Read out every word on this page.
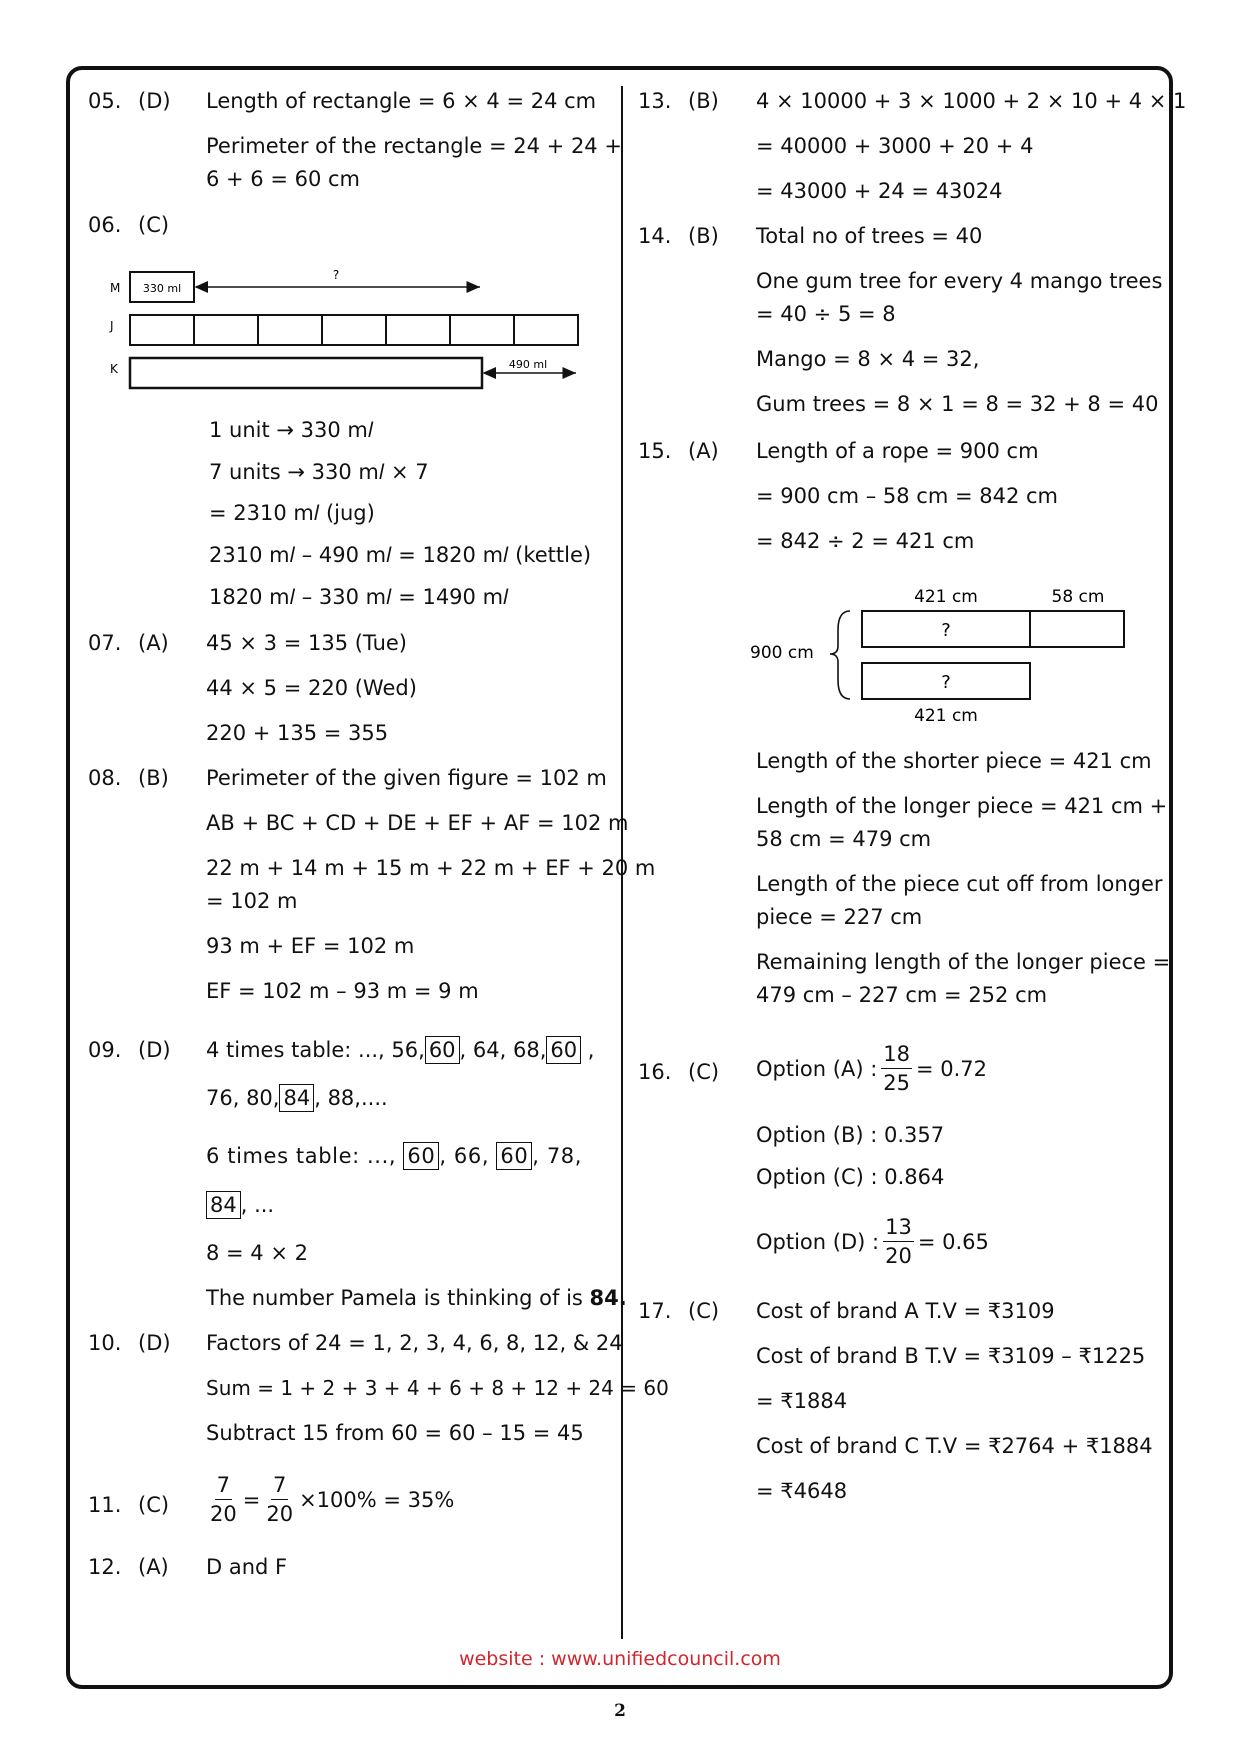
05. (D) Length of rectangle = 6 × 4 = 24 cm
Perimeter of the rectangle = 24 + 24 +
6 + 6 = 60 cm
06. (C)
M 330 ml
?
J
K	490 ml
1 unit → 330 m𝑙
7 units → 330 m𝑙 × 7
= 2310 m𝑙 (jug)
2310 m𝑙 – 490 m𝑙 = 1820 m𝑙 (kettle)
1820 m𝑙 – 330 m𝑙 = 1490 m𝑙
07. (A) 45 × 3 = 135 (Tue)
44 × 5 = 220 (Wed)
220 + 135 = 355
08. (B) Perimeter of the given figure = 102 m
AB + BC + CD + DE + EF + AF = 102 m
22 m + 14 m + 15 m + 22 m + EF + 20 m
= 102 m
93 m + EF = 102 m
EF = 102 m – 93 m = 9 m
09. (D) 4 times table: ..., 56, 60 , 64, 68, 60 ,
76, 80, 84 , 88,....
6 times table: ..., 60 , 66, 60 , 78,
84 , ...
8 = 4 × 2
The number Pamela is thinking of is 84.
10. (D) Factors of 24 = 1, 2, 3, 4, 6, 8, 12, & 24
Sum = 1 + 2 + 3 + 4 + 6 + 8 + 12 + 24 = 60
Subtract 15 from 60 = 60 – 15 = 45
11. $(C) \frac{7}{20} = \frac{7}{20} \times 100\% = 35\%$
12. (A) D and F
13. (B) 4 × 10000 + 3 × 1000 + 2 × 10 + 4 × 1
= 40000 + 3000 + 20 + 4
= 43000 + 24 = 43024
14. (B) Total no of trees = 40
One gum tree for every 4 mango trees
= 40 ÷ 5 = 8
Mango = 8 × 4 = 32,
Gum trees = 8 × 1 = 8 = 32 + 8 = 40
15. (A) Length of a rope = 900 cm
= 900 cm – 58 cm = 842 cm
= 842 ÷ 2 = 421 cm
421 cm	58 cm
?
?
900 cm
421 cm
Length of the shorter piece = 421 cm
Length of the longer piece = 421 cm +
58 cm = 479 cm
Length of the piece cut off from longer
piece = 227 cm
Remaining length of the longer piece =
479 cm – 227 cm = 252 cm
16. (C) Option (A) : $\frac{18}{25} = 0.72$
Option (B) : 0.357
Option (C) : 0.864
Option (D) : $\frac{13}{20} = 0.65$
17. (C) Cost of brand A T.V = ₹3109
Cost of brand B T.V = ₹3109 – ₹1225
= ₹1884
Cost of brand C T.V = ₹2764 + ₹1884
= ₹4648
website : www.unifiedcouncil.com
2
